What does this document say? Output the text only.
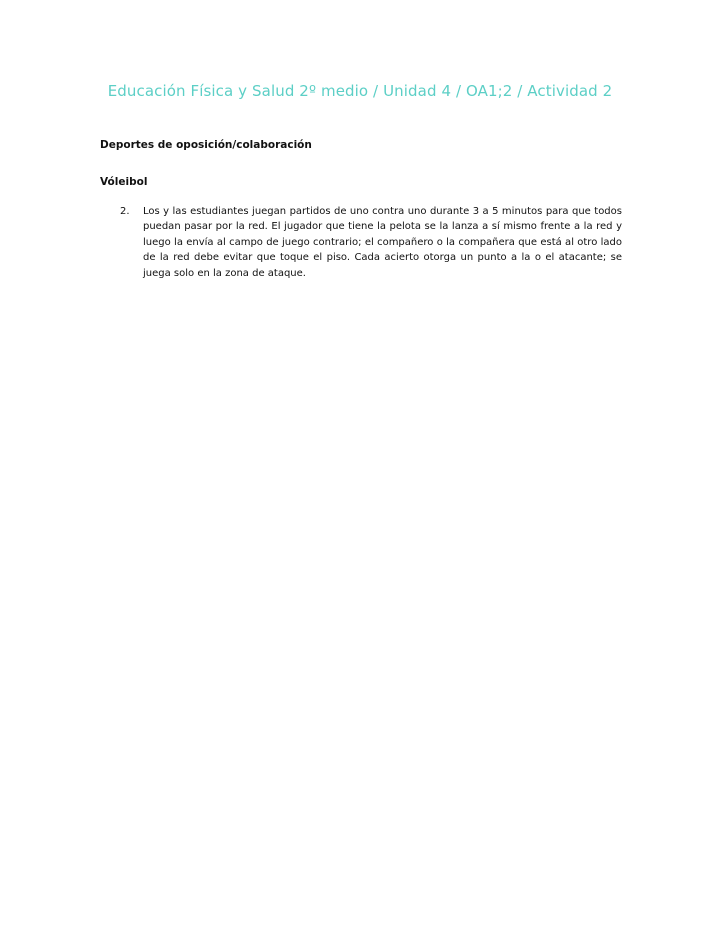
Educación Física y Salud 2º medio / Unidad 4 / OA1;2 / Actividad 2
Deportes de oposición/colaboración
Vóleibol
2. Los y las estudiantes juegan partidos de uno contra uno durante 3 a 5 minutos para que todos puedan pasar por la red. El jugador que tiene la pelota se la lanza a sí mismo frente a la red y luego la envía al campo de juego contrario; el compañero o la compañera que está al otro lado de la red debe evitar que toque el piso. Cada acierto otorga un punto a la o el atacante; se juega solo en la zona de ataque.
